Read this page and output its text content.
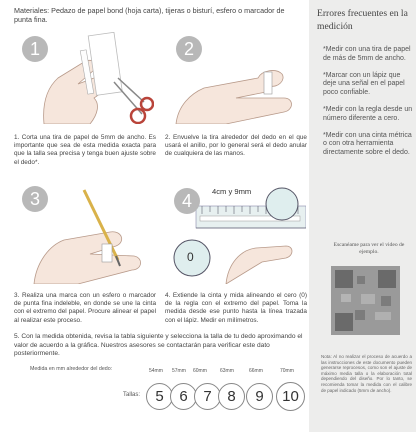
Materiales: Pedazo de papel bond (hoja carta), tijeras o bisturí, esfero o marcador de punta fina.
1	2
1. Corta una tira de papel de 5mm de ancho. Es importante que sea de esta medida exacta para que la talla sea precisa y tenga buen ajuste sobre el dedo*.
2. Envuelve la tira alrededor del dedo en el que usará el anillo, por lo general será el dedo anular de cualquiera de las manos.
3	4	4cm y 9mm
0
3. Realiza una marca con un esfero o marcador de punta fina indeleble, en donde se une la cinta con el extremo del papel. Procure alinear el papel al realizar este proceso.
4. Extiende la cinta y mida alineando el cero (0) de la regla con el extremo del papel. Toma la medida desde ese punto hasta la línea trazada con el lápiz. Medir en milímetros.
5. Con la medida obtenida, revisa la tabla siguiente y selecciona la talla de tu dedo aproximando el valor de acuerdo a la gráfica. Nuestros asesores se contactarán para verificar este dato posteriormente.
Medida en mm alrededor del dedo:	54mm 57mm 60mm	63mm	66mm	70mm
Tallas:	5	6	7	8	9	10
Errores frecuentes en la medición

*Medir con una tira de papel de más de 5mm de ancho.

*Marcar con un lápiz que deje una señal en el papel poco confiable.

*Medir con la regla desde un número diferente a cero.

*Medir con una cinta métrica o con otra herramienta directamente sobre el dedo.

Escanéame para ver el video de ejemplo.
Nota: Al no realizar el proceso de acuerdo a las instrucciones de este documento pueden generarse reprocesos, como son el ajuste de máximo media talla o la elaboración total dependiendo del diseño. Por lo tanto, se recomienda tomar la medida con el calibre de papel indicado (5mm de ancho).
